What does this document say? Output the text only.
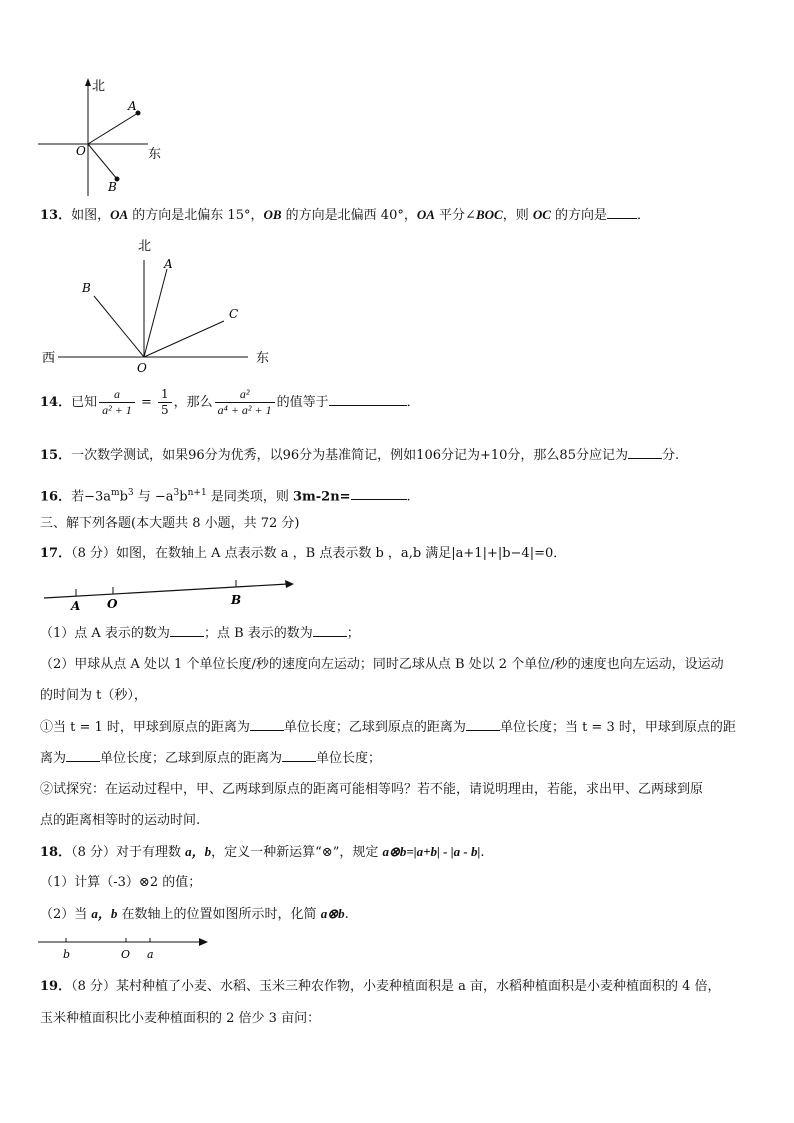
北
东
O
A
B
13．如图，OA 的方向是北偏东 15°，OB 的方向是北偏西 40°，OA 平分∠BOC，则 OC 的方向是 ．
北
西	东
O
A
B
C
14．已知 $\frac{a}{\text{a² + 1}} = \frac{1}{5}$ ，那么 $\frac{\text{a²}}{\text{a⁴ + a² + 1}}$ 的值等于	．
15．一次数学测试，如果96分为优秀，以96分为基准简记，例如106分记为+10分，那么85分应记为	分.
16．若$-3a^mb^3$ 与 $-a^3b^{n+1}$ 是同类项，则 3m-2n=	.
三、解下列各题(本大题共 8 小题，共 72 分)
17．（8 分）如图，在数轴上 A 点表示数 a ，B 点表示数 b ，a,b 满足|a+1|+|b−4|=0．
A O	B
（1）点 A 表示的数为	；点 B 表示的数为	；
（2）甲球从点 A 处以 1 个单位长度/秒的速度向左运动；同时乙球从点 B 处以 2 个单位/秒的速度也向左运动，设运动
的时间为 t（秒），
①当 t = 1 时，甲球到原点的距离为	单位长度；乙球到原点的距离为	单位长度；当 t = 3 时，甲球到原点的距
离为	单位长度；乙球到原点的距离为	单位长度；
②试探究：在运动过程中，甲、乙两球到原点的距离可能相等吗？若不能，请说明理由，若能，求出甲、乙两球到原
点的距离相等时的运动时间.
18．（8 分）对于有理数 a，b，定义一种新运算“⊗”，规定 a⊗b=|a+b| - |a - b|.
（1）计算（-3）⊗2 的值；
（2）当 a，b 在数轴上的位置如图所示时，化简 a⊗b.
b	O a
19．（8 分）某村种植了小麦、水稻、玉米三种农作物，小麦种植面积是 a 亩，水稻种植面积是小麦种植面积的 4 倍，
玉米种植面积比小麦种植面积的 2 倍少 3 亩问：
